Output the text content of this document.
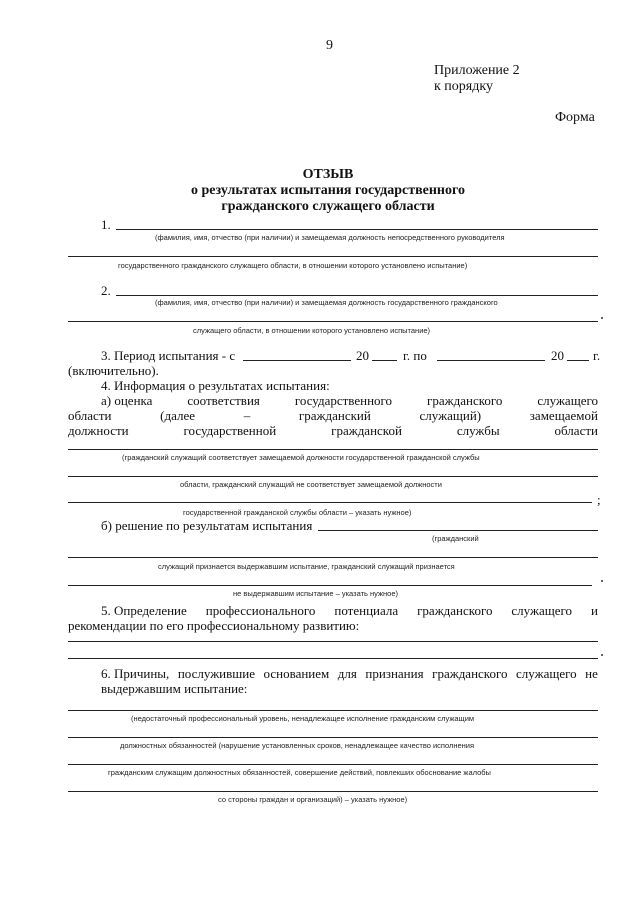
9
Приложение 2
к порядку
Форма
ОТЗЫВ
о результатах испытания государственного
гражданского служащего области
1.
(фамилия, имя, отчество (при наличии) и замещаемая должность непосредственного руководителя
государственного гражданского служащего области, в отношении которого установлено испытание)
2.
(фамилия, имя, отчество (при наличии) и замещаемая должность государственного гражданского
служащего области, в отношении которого установлено испытание)
3. Период испытания - с	20	г. по	20 г.
(включительно).
4. Информация о результатах испытания:
а) оценка	соответствия	государственного	гражданского	служащего
области	(далее	–	гражданский	служащий)	замещаемой
должности	государственной	гражданской	службы	области
(гражданский служащий соответствует замещаемой должности государственной гражданской службы
области, гражданский служащий не соответствует замещаемой должности
;
государственной гражданской службы области – указать нужное)
б) решение по результатам испытания
(гражданский
служащий признается выдержавшим испытание, гражданский служащий признается
не выдержавшим испытание – указать нужное)
5. Определение профессионального потенциала гражданского служащего и
рекомендации по его профессиональному развитию:
6. Причины, послужившие основанием для признания гражданского служащего не
выдержавшим испытание:
(недостаточный профессиональный уровень, ненадлежащее исполнение гражданским служащим
должностных обязанностей (нарушение установленных сроков, ненадлежащее качество исполнения
гражданским служащим должностных обязанностей, совершение действий, повлекших обоснование жалобы
со стороны граждан и организаций) – указать нужное)
